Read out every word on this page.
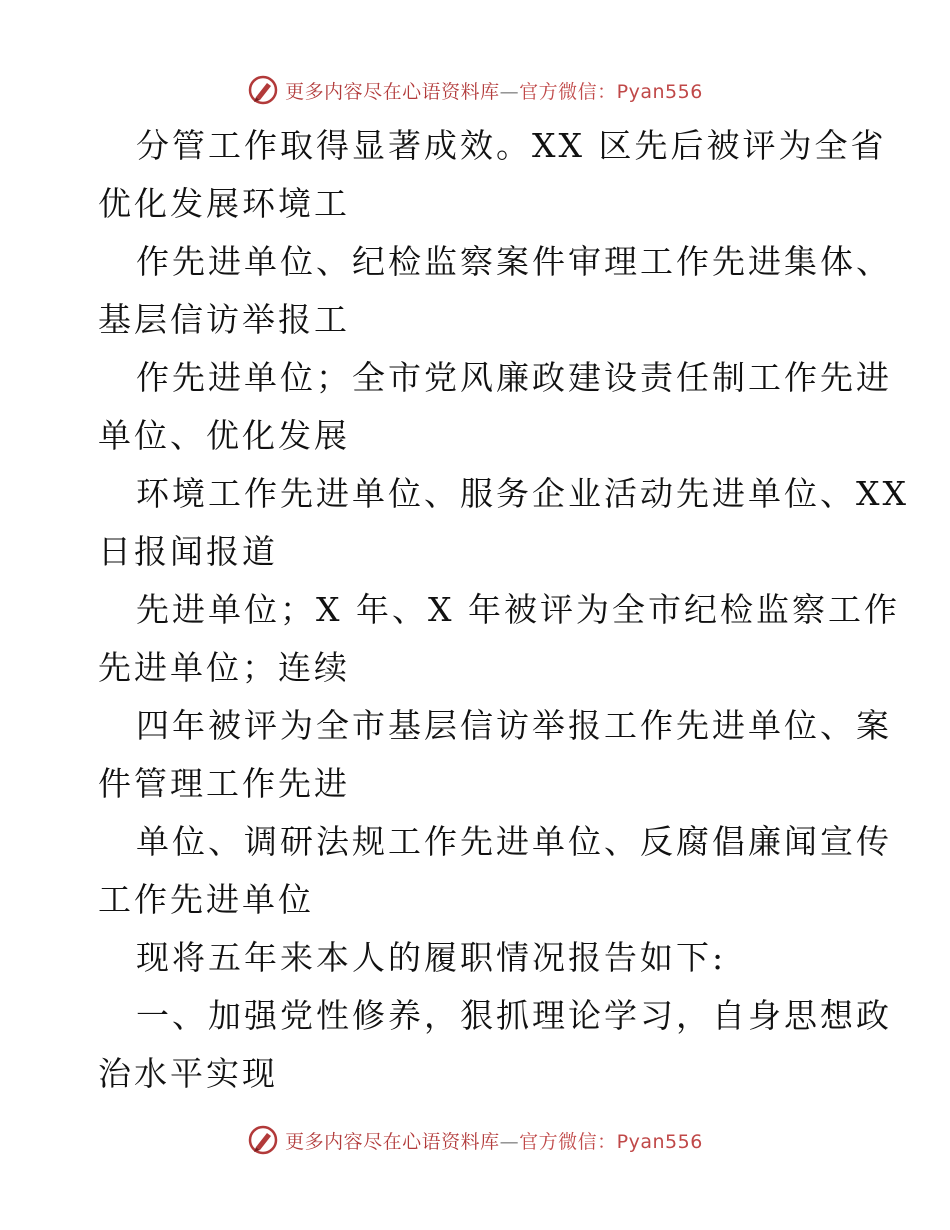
更多内容尽在心语资料库—官方微信：Pyan556
分管工作取得显著成效。XX 区先后被评为全省
优化发展环境工
作先进单位、纪检监察案件审理工作先进集体、
基层信访举报工
作先进单位；全市党风廉政建设责任制工作先进
单位、优化发展
环境工作先进单位、服务企业活动先进单位、XX
日报闻报道
先进单位；X 年、X 年被评为全市纪检监察工作
先进单位；连续
四年被评为全市基层信访举报工作先进单位、案
件管理工作先进
单位、调研法规工作先进单位、反腐倡廉闻宣传
工作先进单位
现将五年来本人的履职情况报告如下:
一、加强党性修养，狠抓理论学习，自身思想政
治水平实现
更多内容尽在心语资料库—官方微信：Pyan556
